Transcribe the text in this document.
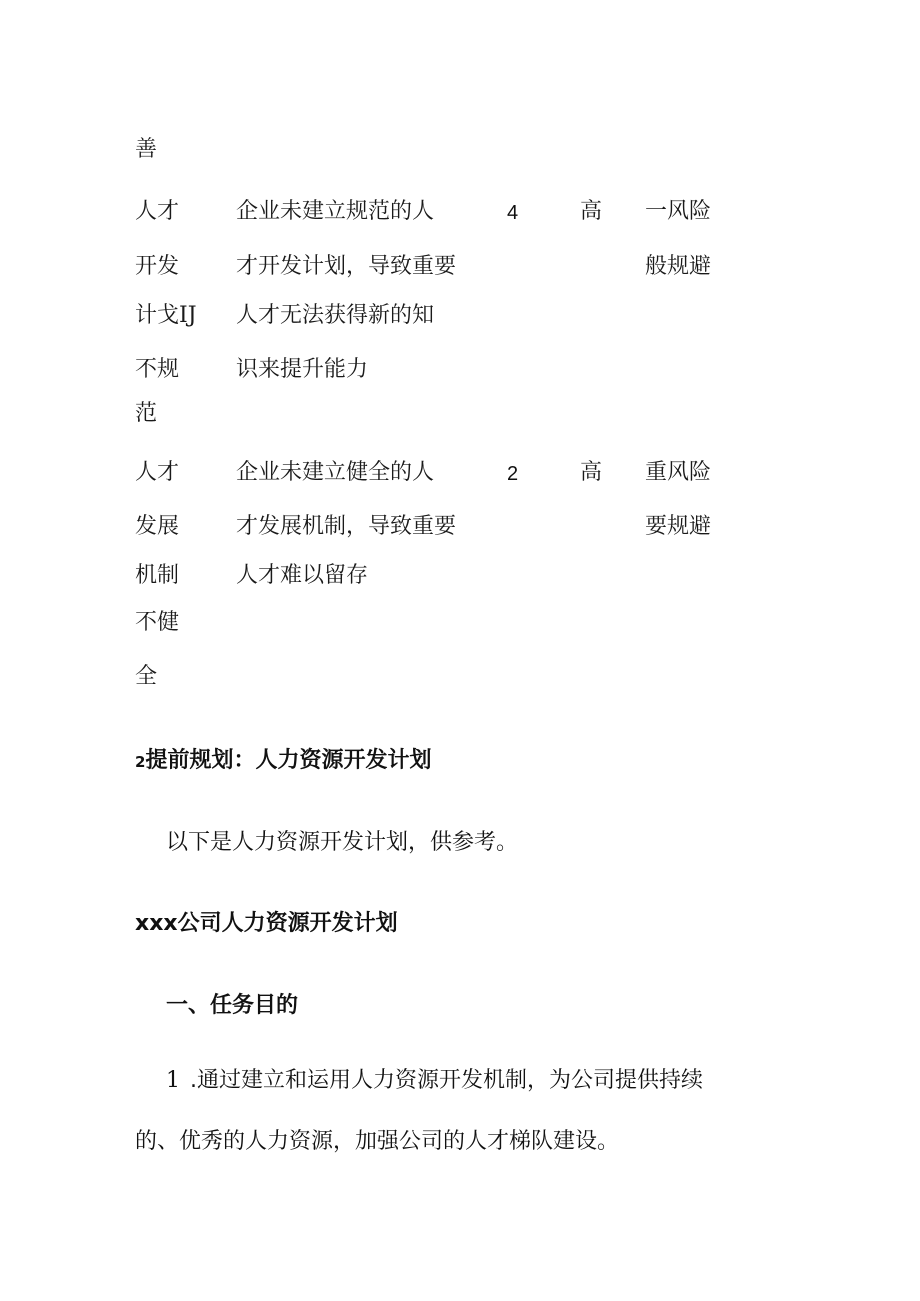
善
人才
开发
计戈IJ
不规
范
企业未建立规范的人
才开发计划，导致重要
人才无法获得新的知
识来提升能力
4	高 一风险
般规避
人才
发展
机制
不健
全
企业未建立健全的人
才发展机制，导致重要
人才难以留存
2	高 重风险
要规避
2提前规划：人力资源开发计划
以下是人力资源开发计划，供参考。
xxx公司人力资源开发计划
一、任务目的
1 .通过建立和运用人力资源开发机制，为公司提供持续
的、优秀的人力资源，加强公司的人才梯队建设。
